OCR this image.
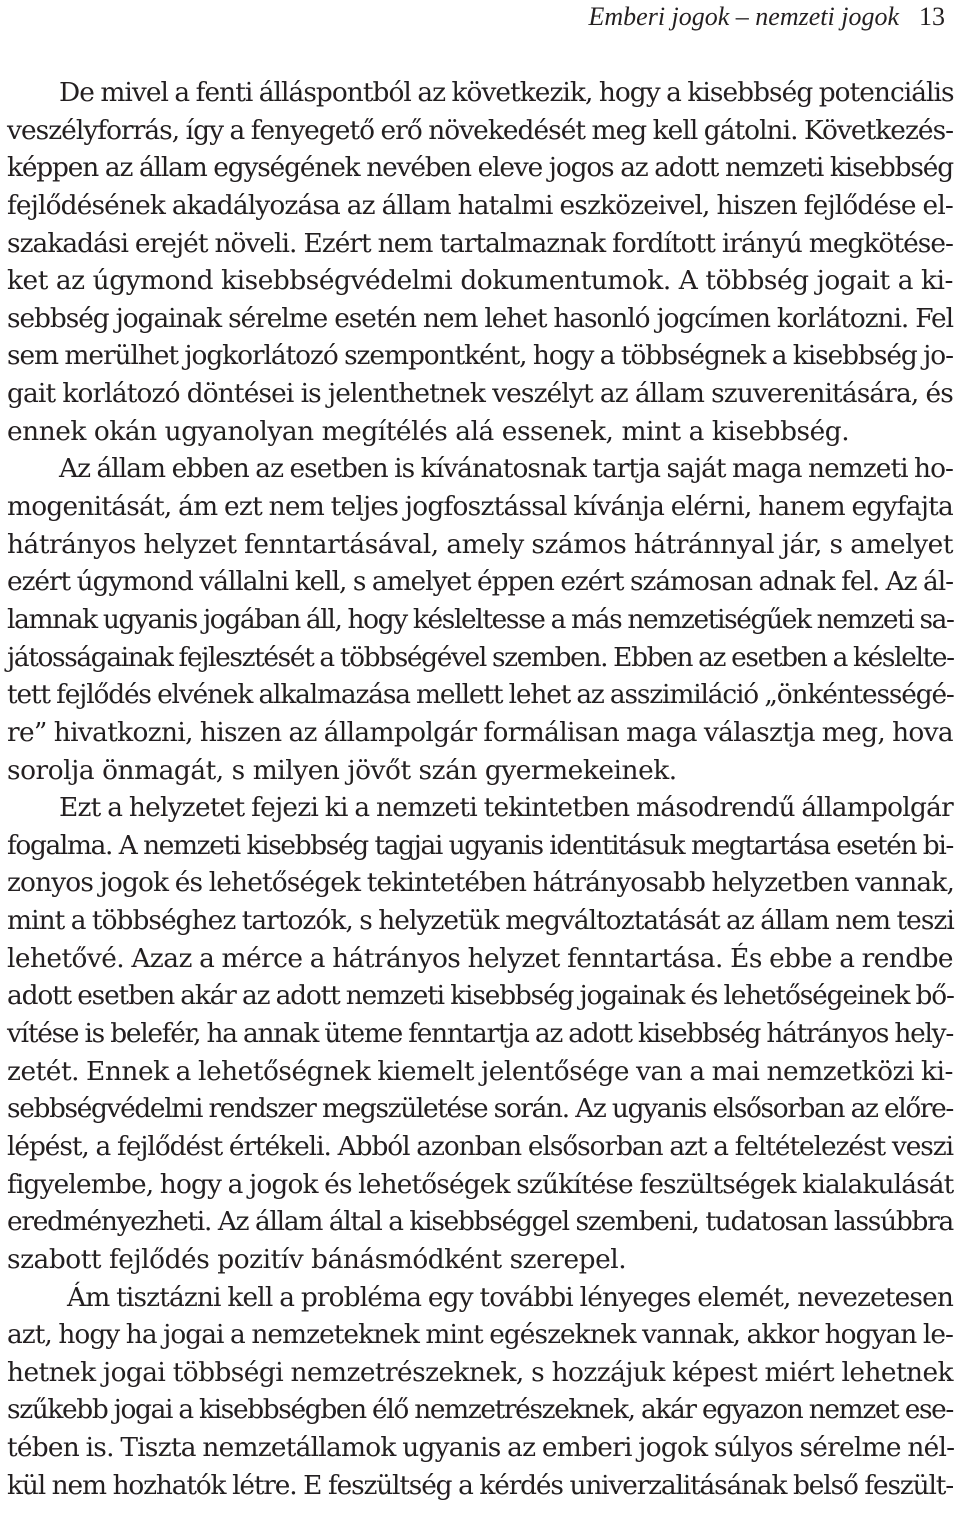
Emberi jogok – nemzeti jogok 13
De mivel a fenti álláspontból az következik, hogy a kisebbség potenciális
veszélyforrás, így a fenyegető erő növekedését meg kell gátolni. Következés-
képpen az állam egységének nevében eleve jogos az adott nemzeti kisebbség
fejlődésének akadályozása az állam hatalmi eszközeivel, hiszen fejlődése el-
szakadási erejét növeli. Ezért nem tartalmaznak fordított irányú megkötése-
ket az úgymond kisebbségvédelmi dokumentumok. A többség jogait a ki-
sebbség jogainak sérelme esetén nem lehet hasonló jogcímen korlátozni. Fel
sem merülhet jogkorlátozó szempontként, hogy a többségnek a kisebbség jo-
gait korlátozó döntései is jelenthetnek veszélyt az állam szuverenitására, és
ennek okán ugyanolyan megítélés alá essenek, mint a kisebbség.
Az állam ebben az esetben is kívánatosnak tartja saját maga nemzeti ho-
mogenitását, ám ezt nem teljes jogfosztással kívánja elérni, hanem egyfajta
hátrányos helyzet fenntartásával, amely számos hátránnyal jár, s amelyet
ezért úgymond vállalni kell, s amelyet éppen ezért számosan adnak fel. Az ál-
lamnak ugyanis jogában áll, hogy késleltesse a más nemzetiségűek nemzeti sa-
játosságainak fejlesztését a többségével szemben. Ebben az esetben a késlelte-
tett fejlődés elvének alkalmazása mellett lehet az asszimiláció „önkéntességé-
re” hivatkozni, hiszen az állampolgár formálisan maga választja meg, hova
sorolja önmagát, s milyen jövőt szán gyermekeinek.
Ezt a helyzetet fejezi ki a nemzeti tekintetben másodrendű állampolgár
fogalma. A nemzeti kisebbség tagjai ugyanis identitásuk megtartása esetén bi-
zonyos jogok és lehetőségek tekintetében hátrányosabb helyzetben vannak,
mint a többséghez tartozók, s helyzetük megváltoztatását az állam nem teszi
lehetővé. Azaz a mérce a hátrányos helyzet fenntartása. És ebbe a rendbe
adott esetben akár az adott nemzeti kisebbség jogainak és lehetőségeinek bő-
vítése is belefér, ha annak üteme fenntartja az adott kisebbség hátrányos hely-
zetét. Ennek a lehetőségnek kiemelt jelentősége van a mai nemzetközi ki-
sebbségvédelmi rendszer megszületése során. Az ugyanis elsősorban az előre-
lépést, a fejlődést értékeli. Abból azonban elsősorban azt a feltételezést veszi
figyelembe, hogy a jogok és lehetőségek szűkítése feszültségek kialakulását
eredményezheti. Az állam által a kisebbséggel szembeni, tudatosan lassúbbra
szabott fejlődés pozitív bánásmódként szerepel.
Ám tisztázni kell a probléma egy további lényeges elemét, nevezetesen
azt, hogy ha jogai a nemzeteknek mint egészeknek vannak, akkor hogyan le-
hetnek jogai többségi nemzetrészeknek, s hozzájuk képest miért lehetnek
szűkebb jogai a kisebbségben élő nemzetrészeknek, akár egyazon nemzet ese-
tében is. Tiszta nemzetállamok ugyanis az emberi jogok súlyos sérelme nél-
kül nem hozhatók létre. E feszültség a kérdés univerzalitásának belső feszült-
